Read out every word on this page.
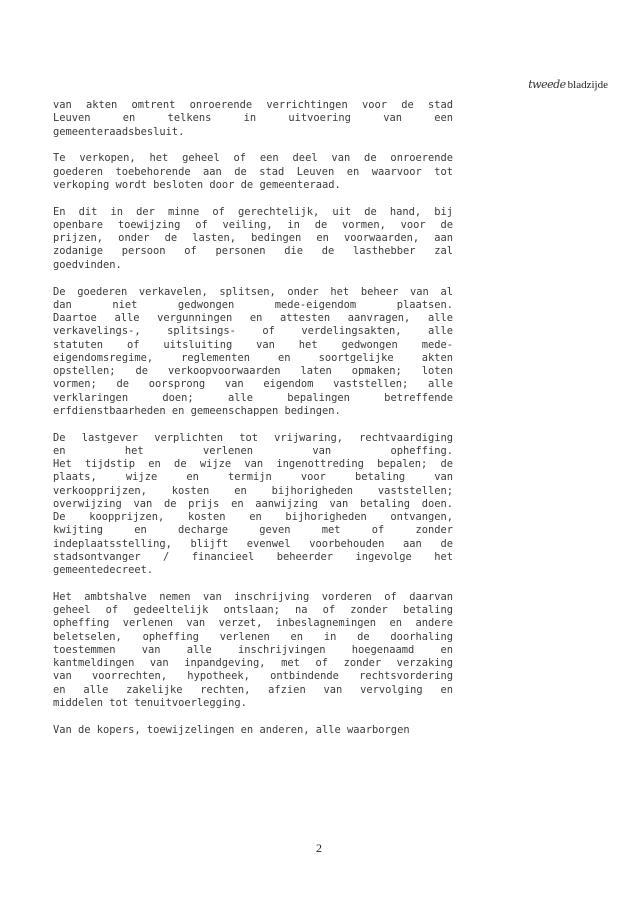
tweede bladzijde
van akten omtrent onroerende verrichtingen voor de stad
Leuven en telkens in uitvoering van een
gemeenteraadsbesluit.
Te verkopen, het geheel of een deel van de onroerende
goederen toebehorende aan de stad Leuven en waarvoor tot
verkoping wordt besloten door de gemeenteraad.
En dit in der minne of gerechtelijk, uit de hand, bij
openbare toewijzing of veiling, in de vormen, voor de
prijzen, onder de lasten, bedingen en voorwaarden, aan
zodanige persoon of personen die de lasthebber zal
goedvinden.
De goederen verkavelen, splitsen, onder het beheer van al
dan niet gedwongen mede-eigendom plaatsen.
Daartoe alle vergunningen en attesten aanvragen, alle
verkavelings-, splitsings- of verdelingsakten, alle
statuten of uitsluiting van het gedwongen mede-
eigendomsregime, reglementen en soortgelijke akten
opstellen; de verkoopvoorwaarden laten opmaken; loten
vormen; de oorsprong van eigendom vaststellen; alle
verklaringen doen; alle bepalingen betreffende
erfdienstbaarheden en gemeenschappen bedingen.
De lastgever verplichten tot vrijwaring, rechtvaardiging
en het verlenen van opheffing.
Het tijdstip en de wijze van ingenottreding bepalen; de
plaats, wijze en termijn voor betaling van
verkoopprijzen, kosten en bijhorigheden vaststellen;
overwijzing van de prijs en aanwijzing van betaling doen.
De koopprijzen, kosten en bijhorigheden ontvangen,
kwijting en decharge geven met of zonder
indeplaatsstelling, blijft evenwel voorbehouden aan de
stadsontvanger / financieel beheerder ingevolge het
gemeentedecreet.
Het ambtshalve nemen van inschrijving vorderen of daarvan
geheel of gedeeltelijk ontslaan; na of zonder betaling
opheffing verlenen van verzet, inbeslagnemingen en andere
beletselen, opheffing verlenen en in de doorhaling
toestemmen van alle inschrijvingen hoegenaamd en
kantmeldingen van inpandgeving, met of zonder verzaking
van voorrechten, hypotheek, ontbindende rechtsvordering
en alle zakelijke rechten, afzien van vervolging en
middelen tot tenuitvoerlegging.
Van de kopers, toewijzelingen en anderen, alle waarborgen
2
